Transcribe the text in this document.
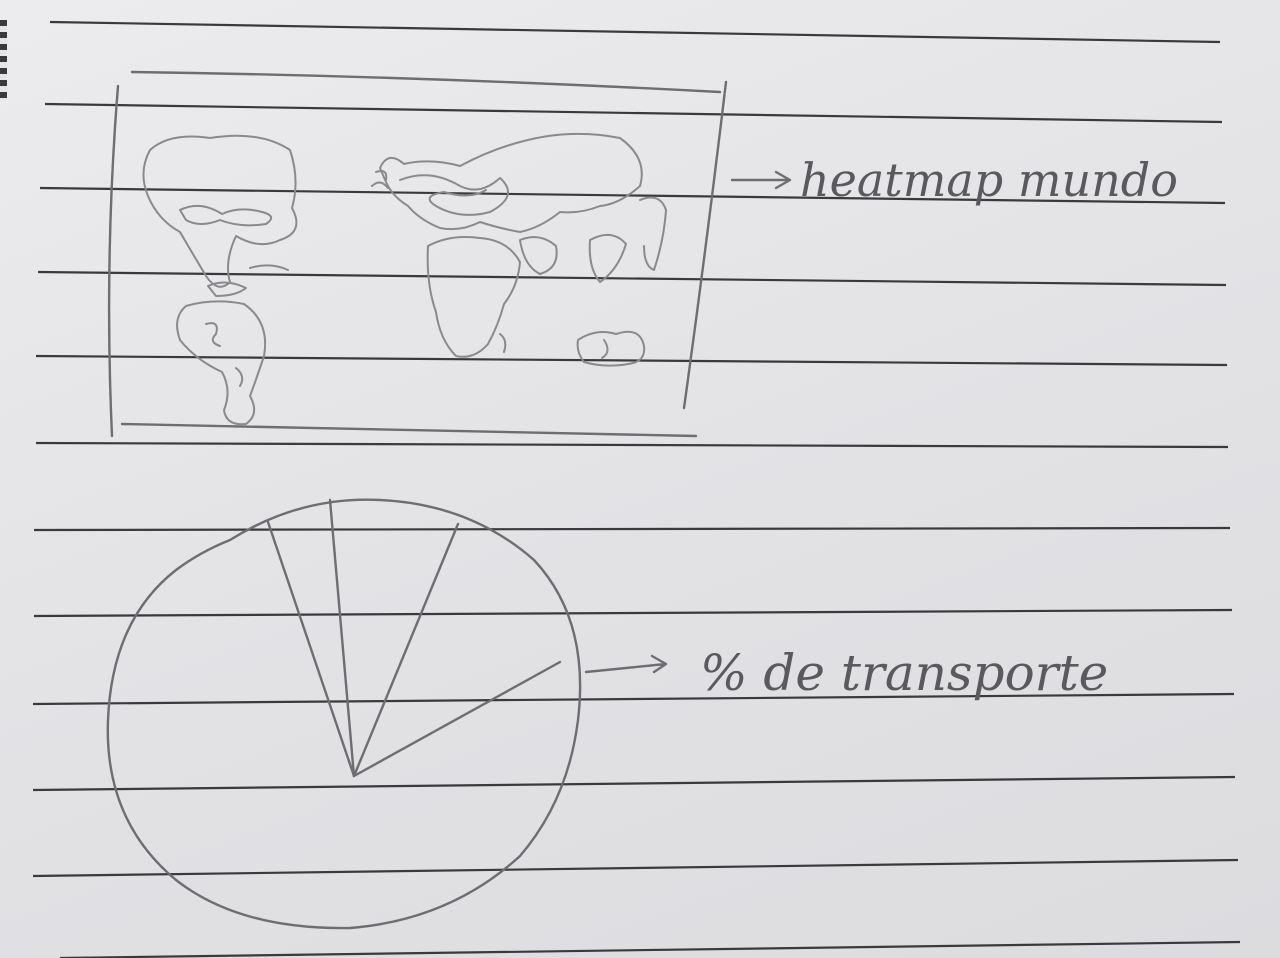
heatmap mundo
% de transporte
